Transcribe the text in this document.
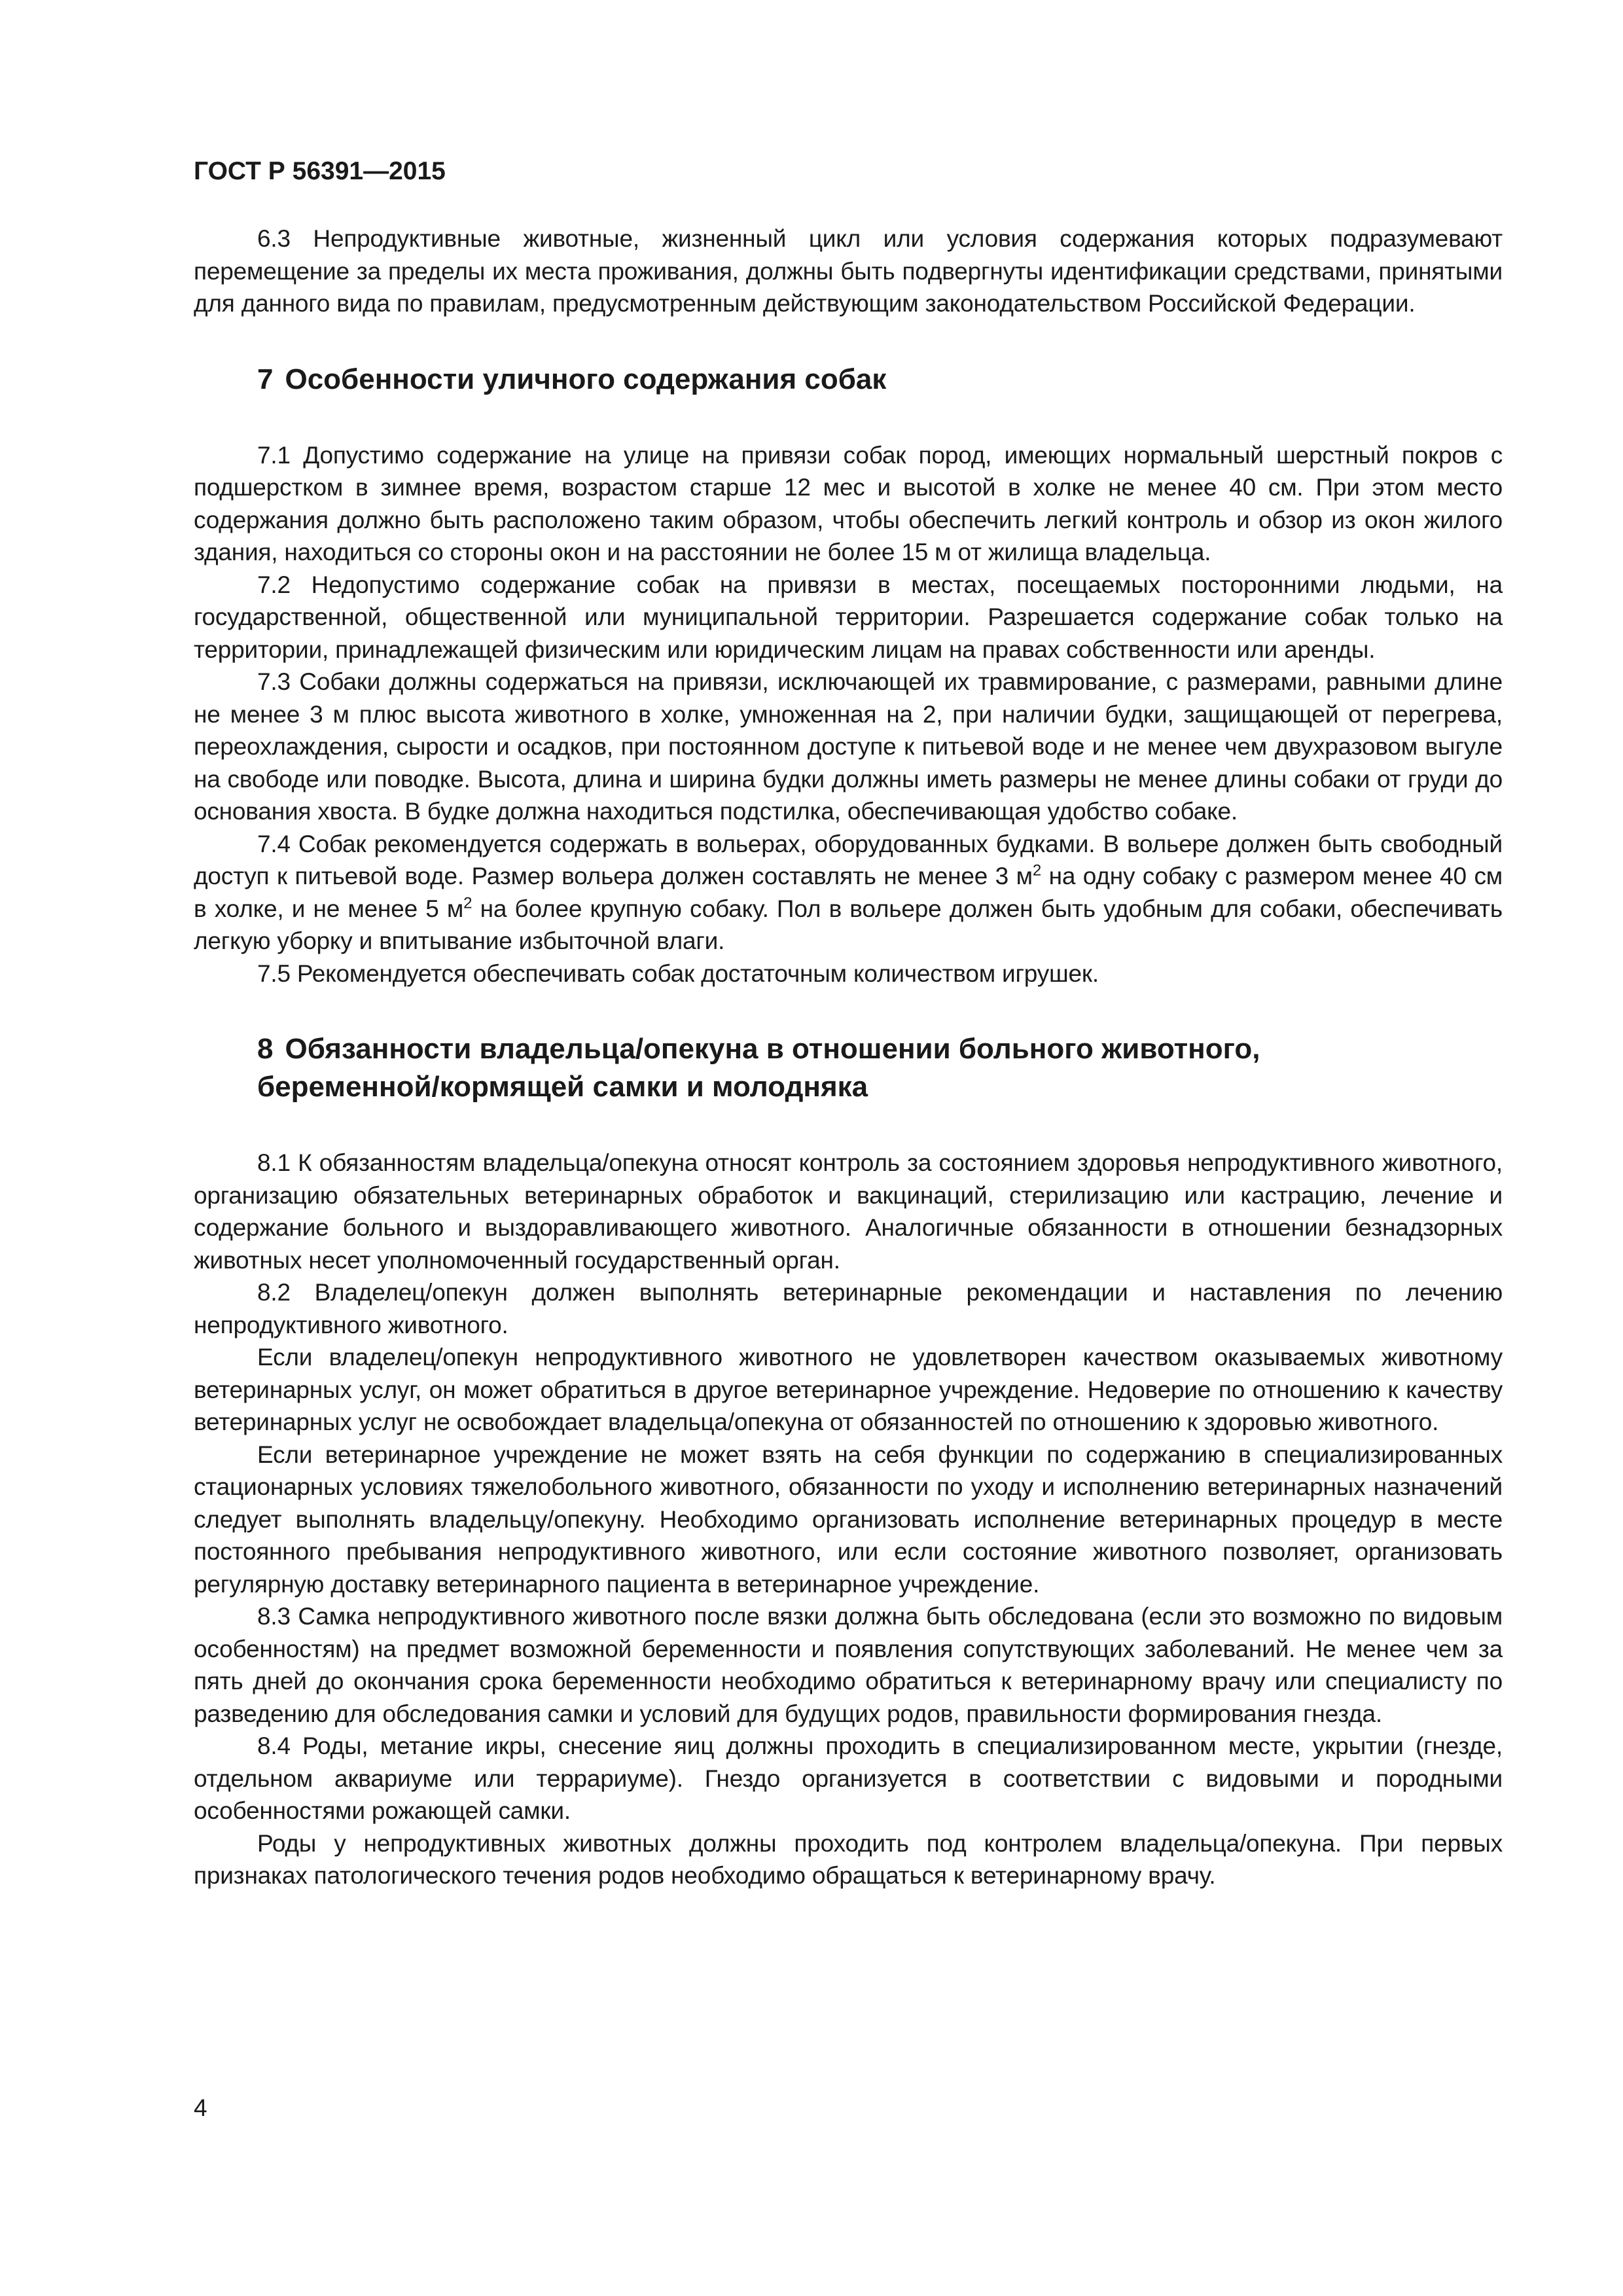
ГОСТ Р 56391—2015

6.3 Непродуктивные животные, жизненный цикл или условия содержания которых подразумевают перемещение за пределы их места проживания, должны быть подвергнуты идентификации средствами, принятыми для данного вида по правилам, предусмотренным действующим законодательством Российской Федерации.

7 Особенности уличного содержания собак

7.1 Допустимо содержание на улице на привязи собак пород, имеющих нормальный шерстный покров с подшерстком в зимнее время, возрастом старше 12 мес и высотой в холке не менее 40 см. При этом место содержания должно быть расположено таким образом, чтобы обеспечить легкий контроль и обзор из окон жилого здания, находиться со стороны окон и на расстоянии не более 15 м от жилища владельца.

7.2 Недопустимо содержание собак на привязи в местах, посещаемых посторонними людьми, на государственной, общественной или муниципальной территории. Разрешается содержание собак только на территории, принадлежащей физическим или юридическим лицам на правах собственности или аренды.

7.3 Собаки должны содержаться на привязи, исключающей их травмирование, с размерами, равными длине не менее 3 м плюс высота животного в холке, умноженная на 2, при наличии будки, защищающей от перегрева, переохлаждения, сырости и осадков, при постоянном доступе к питьевой воде и не менее чем двухразовом выгуле на свободе или поводке. Высота, длина и ширина будки должны иметь размеры не менее длины собаки от груди до основания хвоста. В будке должна находиться подстилка, обеспечивающая удобство собаке.

7.4 Собак рекомендуется содержать в вольерах, оборудованных будками. В вольере должен быть свободный доступ к питьевой воде. Размер вольера должен составлять не менее 3 $м^2$ на одну собаку с размером менее 40 см в холке, и не менее 5 $м^2$ на более крупную собаку. Пол в вольере должен быть удобным для собаки, обеспечивать легкую уборку и впитывание избыточной влаги.

7.5 Рекомендуется обеспечивать собак достаточным количеством игрушек.

8 Обязанности владельца/опекуна в отношении больного животного,
беременной/кормящей самки и молодняка

8.1 К обязанностям владельца/опекуна относят контроль за состоянием здоровья непродуктивного животного, организацию обязательных ветеринарных обработок и вакцинаций, стерилизацию или кастрацию, лечение и содержание больного и выздоравливающего животного. Аналогичные обязанности в отношении безнадзорных животных несет уполномоченный государственный орган.

8.2 Владелец/опекун должен выполнять ветеринарные рекомендации и наставления по лечению непродуктивного животного.

Если владелец/опекун непродуктивного животного не удовлетворен качеством оказываемых животному ветеринарных услуг, он может обратиться в другое ветеринарное учреждение. Недоверие по отношению к качеству ветеринарных услуг не освобождает владельца/опекуна от обязанностей по отношению к здоровью животного.

Если ветеринарное учреждение не может взять на себя функции по содержанию в специализированных стационарных условиях тяжелобольного животного, обязанности по уходу и исполнению ветеринарных назначений следует выполнять владельцу/опекуну. Необходимо организовать исполнение ветеринарных процедур в месте постоянного пребывания непродуктивного животного, или если состояние животного позволяет, организовать регулярную доставку ветеринарного пациента в ветеринарное учреждение.

8.3 Самка непродуктивного животного после вязки должна быть обследована (если это возможно по видовым особенностям) на предмет возможной беременности и появления сопутствующих заболеваний. Не менее чем за пять дней до окончания срока беременности необходимо обратиться к ветеринарному врачу или специалисту по разведению для обследования самки и условий для будущих родов, правильности формирования гнезда.

8.4 Роды, метание икры, снесение яиц должны проходить в специализированном месте, укрытии (гнезде, отдельном аквариуме или террариуме). Гнездо организуется в соответствии с видовыми и породными особенностями рожающей самки.

Роды у непродуктивных животных должны проходить под контролем владельца/опекуна. При первых признаках патологического течения родов необходимо обращаться к ветеринарному врачу.

4
